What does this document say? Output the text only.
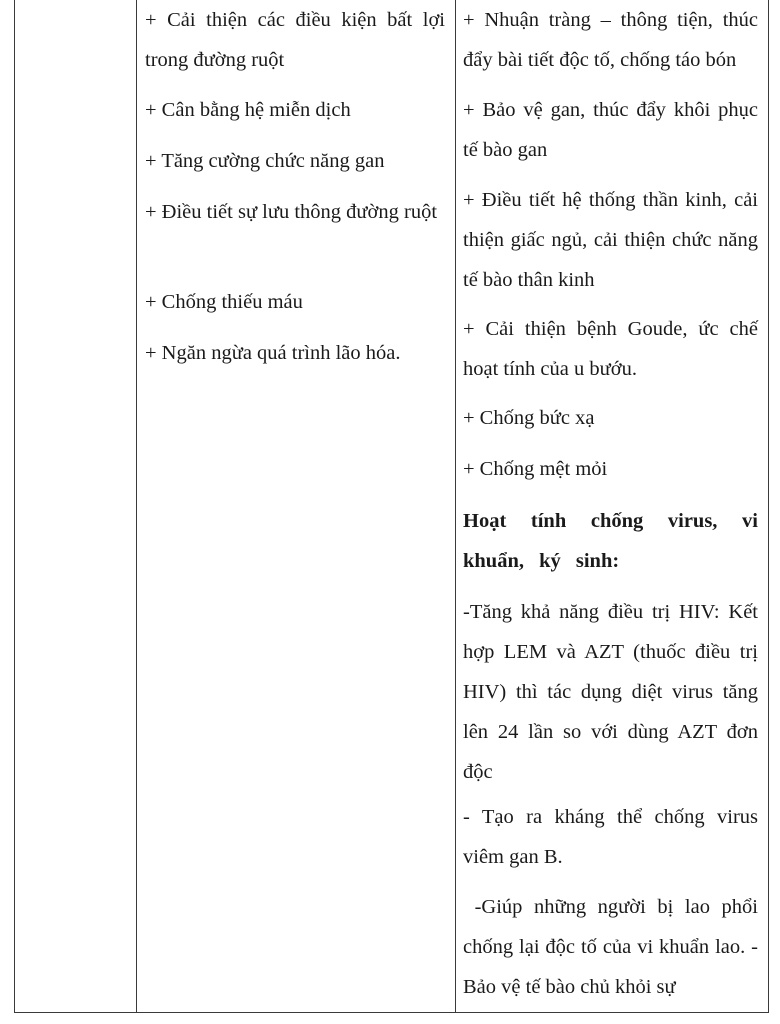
+ Cải thiện các điều kiện bất lợi trong đường ruột

+ Cân bằng hệ miễn dịch

+ Tăng cường chức năng gan

+ Điều tiết sự lưu thông đường ruột

+ Chống thiếu máu

+ Ngăn ngừa quá trình lão hóa.

+ Nhuận tràng – thông tiện, thúc đẩy bài tiết độc tố, chống táo bón

+ Bảo vệ gan, thúc đẩy khôi phục tế bào gan

+ Điều tiết hệ thống thần kinh, cải thiện giấc ngủ, cải thiện chức năng tế bào thân kinh

+ Cải thiện bệnh Goude, ức chế hoạt tính của u bướu.

+ Chống bức xạ

+ Chống mệt mỏi

Hoạt tính chống virus, vi khuẩn, ký sinh:

-Tăng khả năng điều trị HIV: Kết hợp LEM và AZT (thuốc điều trị HIV) thì tác dụng diệt virus tăng lên 24 lần so với dùng AZT đơn độc

- Tạo ra kháng thể chống virus viêm gan B.

-Giúp những người bị lao phổi chống lại độc tố của vi khuẩn lao. - Bảo vệ tế bào chủ khỏi sự
